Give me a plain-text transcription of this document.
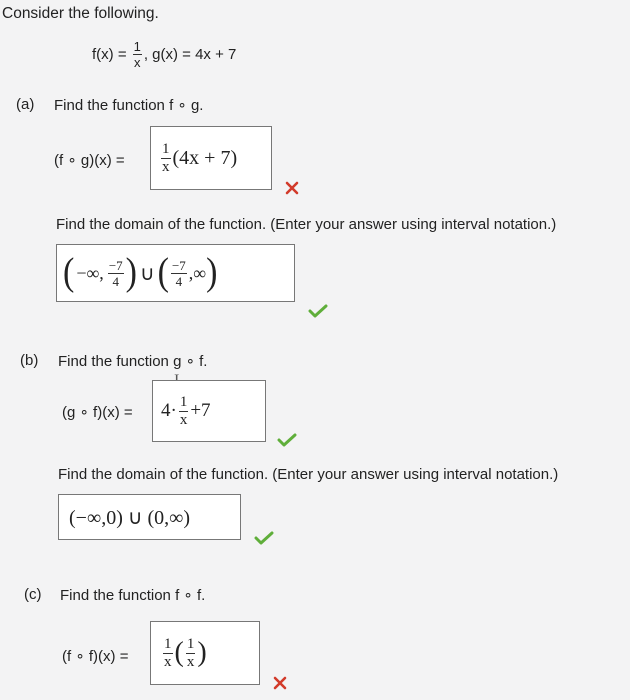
Consider the following.
$f(x) = \frac{1}{x}$ , g(x) = 4x + 7
(a) Find the function f ∘ g.
(f ∘ $g)(x) = \frac{1}{x} (4x + 7)$
Find the domain of the function. (Enter your answer using interval notation.)
( −∞, $\frac{-7}{4}$ ) ∪ ( $\frac{-7}{4}$ ,∞ )
(b) Find the function g ∘ f.
(g ∘ $f)(x) = 4\cdot \frac{1}{x} +7$
Find the domain of the function. (Enter your answer using interval notation.)
(−∞,0) ∪ (0,∞)
(c) Find the function f ∘ f.
(f ∘ $f)(x) = \frac{1}{x}$ ( $\frac{1}{x}$ )
